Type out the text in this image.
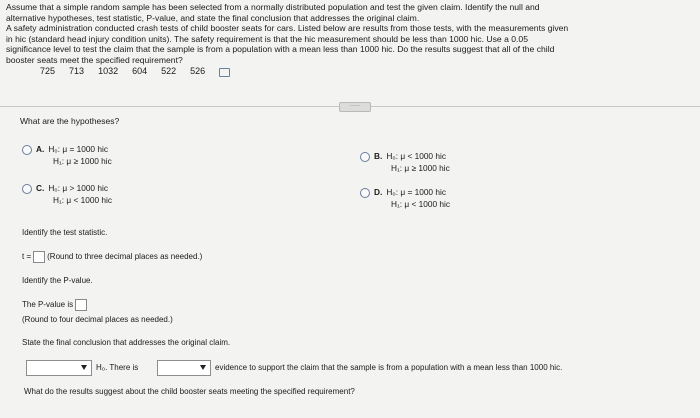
Assume that a simple random sample has been selected from a normally distributed population and test the given claim. Identify the null and

alternative hypotheses, test statistic, P-value, and state the final conclusion that addresses the original claim.

A safety administration conducted crash tests of child booster seats for cars. Listed below are results from those tests, with the measurements given

in hic (standard head injury condition units). The safety requirement is that the hic measurement should be less than 1000 hic. Use a 0.05

significance level to test the claim that the sample is from a population with a mean less than 1000 hic. Do the results suggest that all of the child

booster seats meet the specified requirement?

725 713 1032 604 522 526
·····
What are the hypotheses?
A. H₀: μ = 1000 hic
H₁: μ ≥ 1000 hic	B. H₀: μ < 1000 hic
H₁: μ ≥ 1000 hic
C. H₀: μ > 1000 hic
H₁: μ < 1000 hic
D. H₀: μ = 1000 hic
H₁: μ < 1000 hic
Identify the test statistic.
t = (Round to three decimal places as needed.)
Identify the P-value.
The P-value is
(Round to four decimal places as needed.)
State the final conclusion that addresses the original claim.
H₀. There is	evidence to support the claim that the sample is from a population with a mean less than 1000 hic.
What do the results suggest about the child booster seats meeting the specified requirement?
